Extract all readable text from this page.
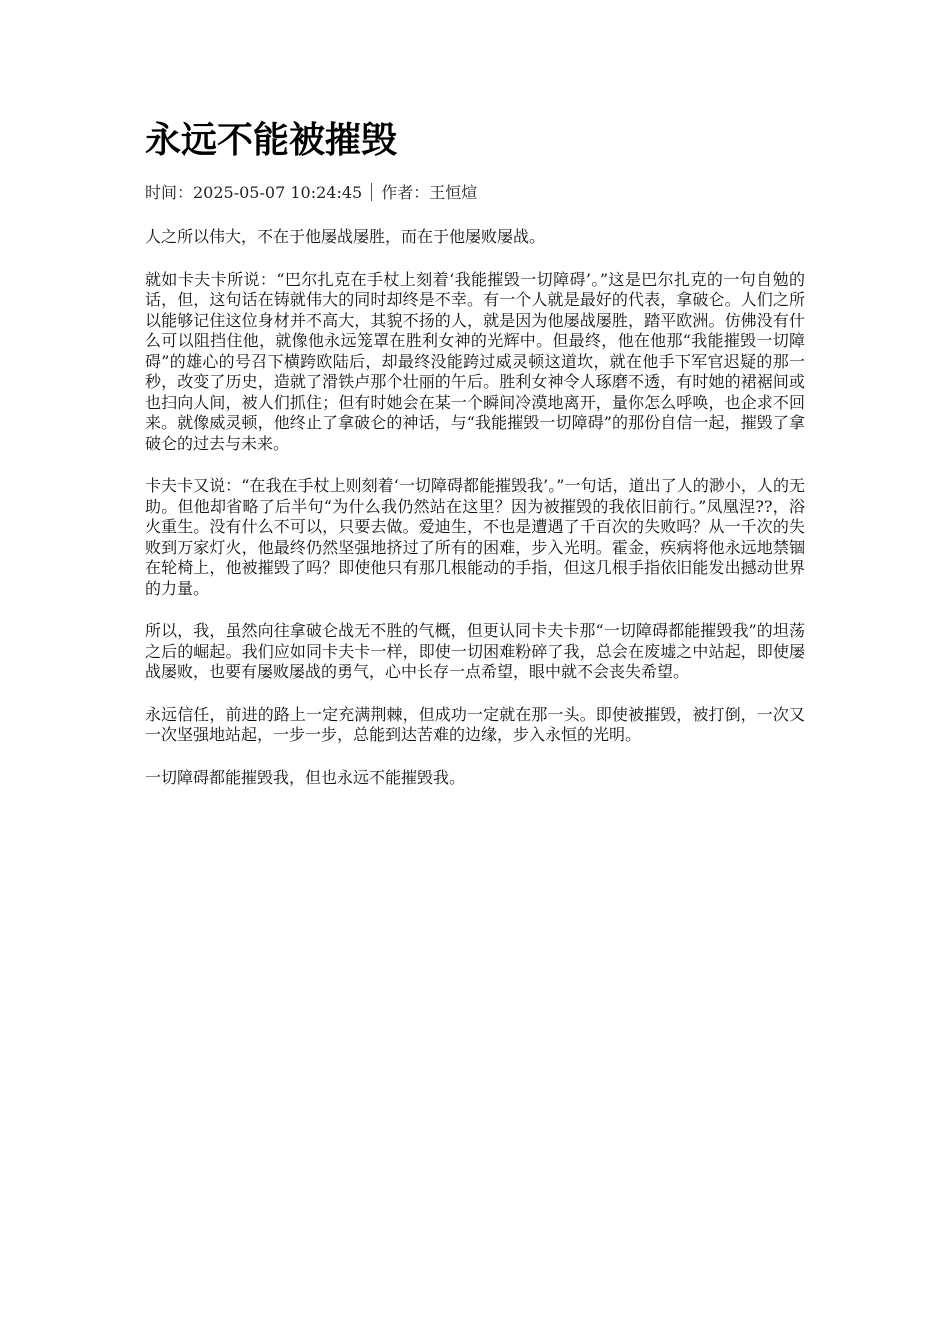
永远不能被摧毁
时间：2025-05-07 10:24:45 作者：王恒煊

人之所以伟大，不在于他屡战屡胜，而在于他屡败屡战。

就如卡夫卡所说：“巴尔扎克在手杖上刻着‘我能摧毁一切障碍’。”这是巴尔扎克的一句自勉的话，但，这句话在铸就伟大的同时却终是不幸。有一个人就是最好的代表，拿破仑。人们之所以能够记住这位身材并不高大，其貌不扬的人，就是因为他屡战屡胜，踏平欧洲。仿佛没有什么可以阻挡住他，就像他永远笼罩在胜利女神的光辉中。但最终，他在他那“我能摧毁一切障碍”的雄心的号召下横跨欧陆后，却最终没能跨过威灵顿这道坎，就在他手下军官迟疑的那一秒，改变了历史，造就了滑铁卢那个壮丽的午后。胜利女神令人琢磨不透，有时她的裙裾间或也扫向人间，被人们抓住；但有时她会在某一个瞬间冷漠地离开，量你怎么呼唤，也企求不回来。就像威灵顿，他终止了拿破仑的神话，与“我能摧毁一切障碍”的那份自信一起，摧毁了拿破仑的过去与未来。

卡夫卡又说：“在我在手杖上则刻着‘一切障碍都能摧毁我’。”一句话，道出了人的渺小，人的无助。但他却省略了后半句“为什么我仍然站在这里？因为被摧毁的我依旧前行。”凤凰涅??，浴火重生。没有什么不可以，只要去做。爱迪生，不也是遭遇了千百次的失败吗？从一千次的失败到万家灯火，他最终仍然坚强地挤过了所有的困难，步入光明。霍金，疾病将他永远地禁锢在轮椅上，他被摧毁了吗？即使他只有那几根能动的手指，但这几根手指依旧能发出撼动世界的力量。

所以，我，虽然向往拿破仑战无不胜的气概，但更认同卡夫卡那“一切障碍都能摧毁我”的坦荡之后的崛起。我们应如同卡夫卡一样，即使一切困难粉碎了我，总会在废墟之中站起，即使屡战屡败，也要有屡败屡战的勇气，心中长存一点希望，眼中就不会丧失希望。

永远信任，前进的路上一定充满荆棘，但成功一定就在那一头。即使被摧毁，被打倒，一次又一次坚强地站起，一步一步，总能到达苦难的边缘，步入永恒的光明。

一切障碍都能摧毁我，但也永远不能摧毁我。
